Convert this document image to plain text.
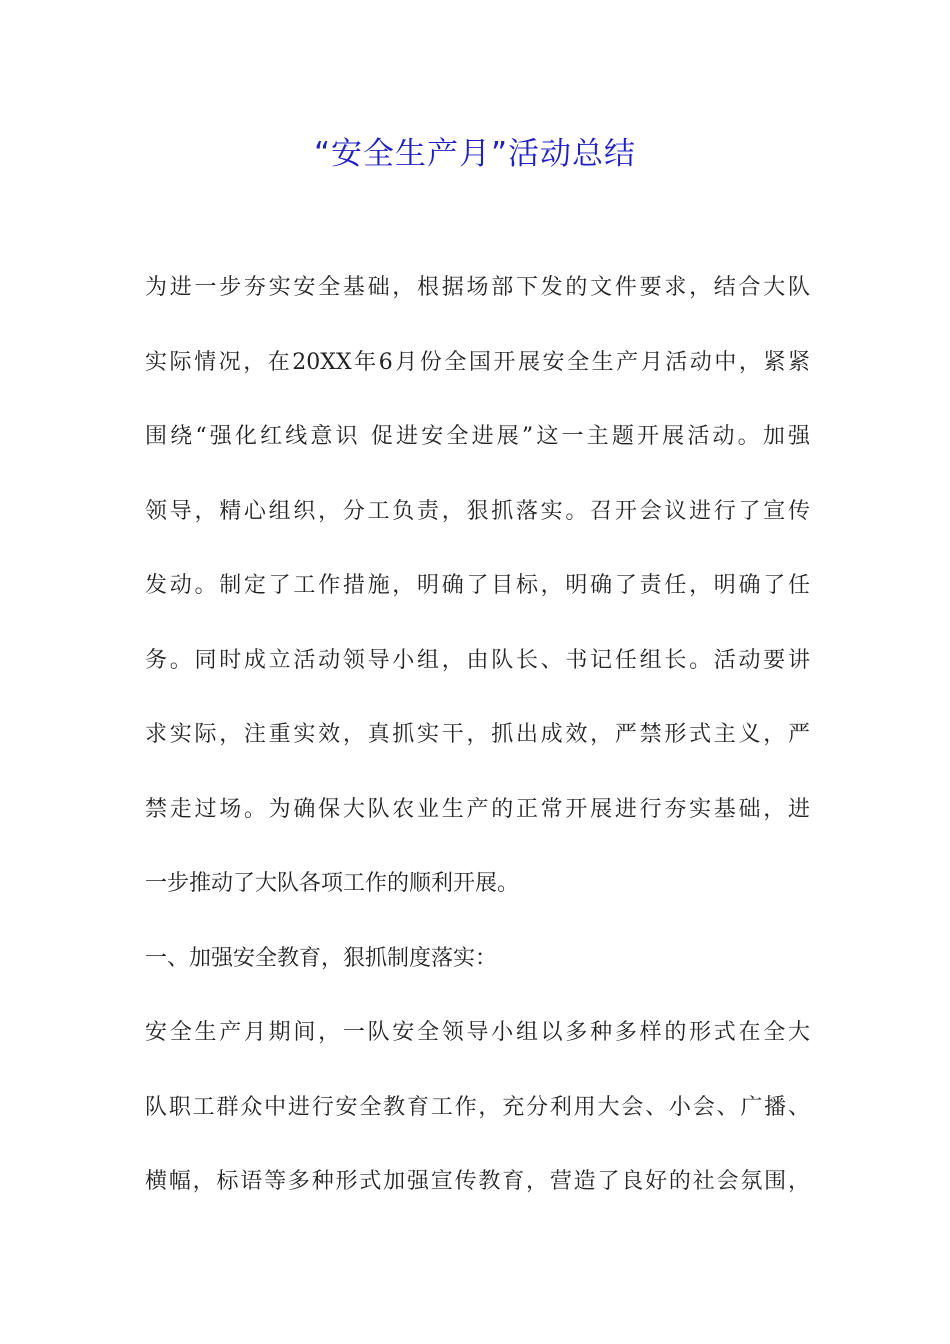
“安全生产月”活动总结
为进一步夯实安全基础，根据场部下发的文件要求，结合大队
实际情况，在20XX年6月份全国开展安全生产月活动中，紧紧
围绕“强化红线意识 促进安全进展”这一主题开展活动。加强
领导，精心组织，分工负责，狠抓落实。召开会议进行了宣传
发动。制定了工作措施，明确了目标，明确了责任，明确了任
务。同时成立活动领导小组，由队长、书记任组长。活动要讲
求实际，注重实效，真抓实干，抓出成效，严禁形式主义，严
禁走过场。为确保大队农业生产的正常开展进行夯实基础，进
一步推动了大队各项工作的顺利开展。
一、加强安全教育，狠抓制度落实：
安全生产月期间，一队安全领导小组以多种多样的形式在全大
队职工群众中进行安全教育工作，充分利用大会、小会、广播、
横幅，标语等多种形式加强宣传教育，营造了良好的社会氛围，
